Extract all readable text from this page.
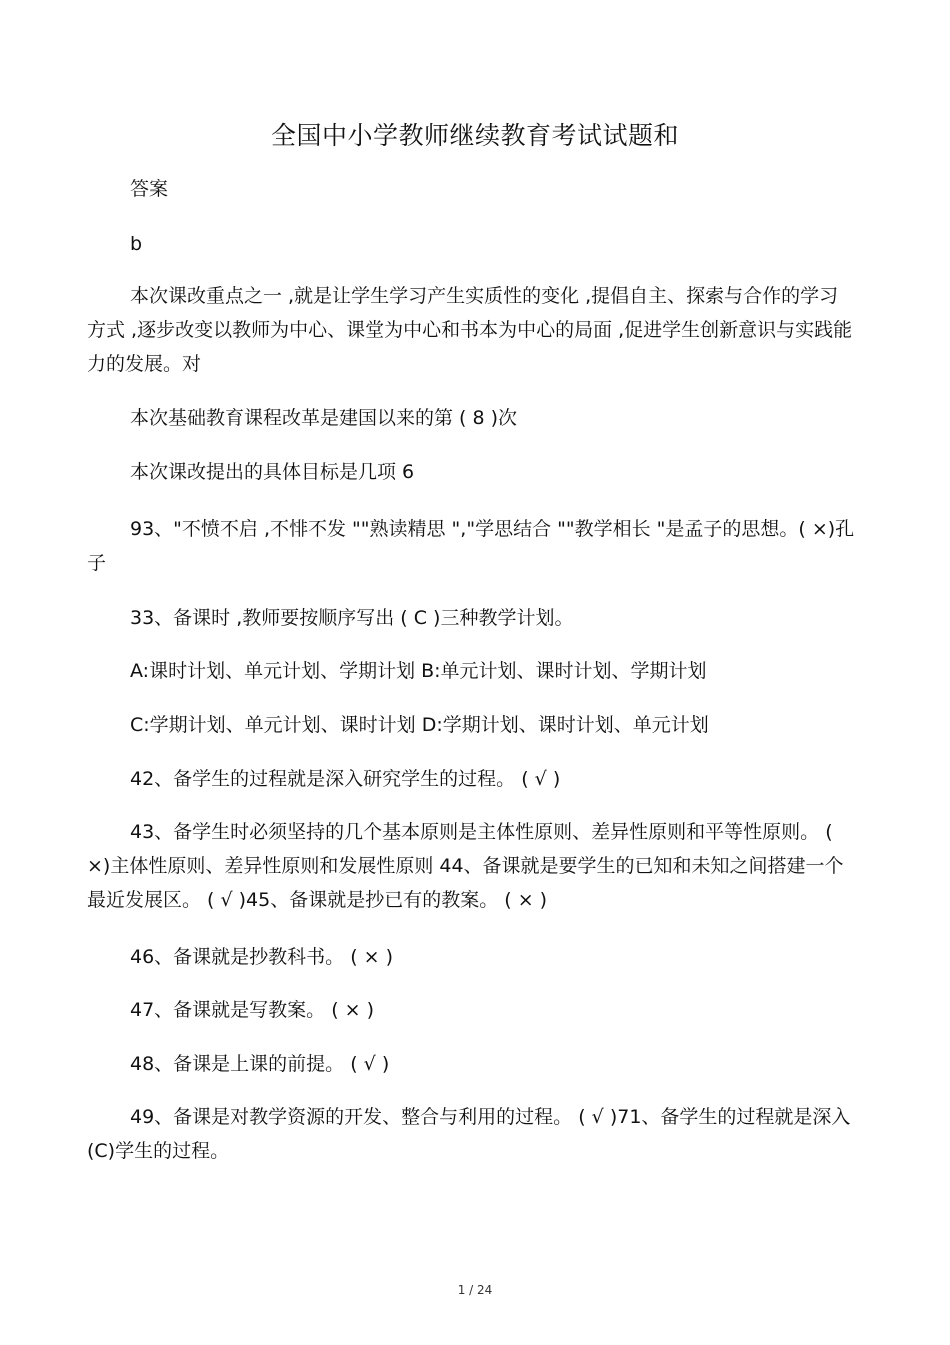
全国中小学教师继续教育考试试题和
答案
b
本次课改重点之一 ,就是让学生学习产生实质性的变化 ,提倡自主、探索与合作的学习方式 ,逐步改变以教师为中心、课堂为中心和书本为中心的局面 ,促进学生创新意识与实践能力的发展。对
本次基础教育课程改革是建国以来的第 ( 8 )次
本次课改提出的具体目标是几项 6
93、"不愤不启 ,不悱不发 ""熟读精思 ","学思结合 ""教学相长 "是孟子的思想。( ×)孔子
33、备课时 ,教师要按顺序写出 ( C )三种教学计划。
A:课时计划、单元计划、学期计划 B:单元计划、课时计划、学期计划
C:学期计划、单元计划、课时计划 D:学期计划、课时计划、单元计划
42、备学生的过程就是深入研究学生的过程。 ( √ )
43、备学生时必须坚持的几个基本原则是主体性原则、差异性原则和平等性原则。 ( ×)主体性原则、差异性原则和发展性原则 44、备课就是要学生的已知和未知之间搭建一个最近发展区。 ( √ )45、备课就是抄已有的教案。 ( × )
46、备课就是抄教科书。 ( × )
47、备课就是写教案。 ( × )
48、备课是上课的前提。 ( √ )
49、备课是对教学资源的开发、整合与利用的过程。 ( √ )71、备学生的过程就是深入 (C)学生的过程。
1 / 24
